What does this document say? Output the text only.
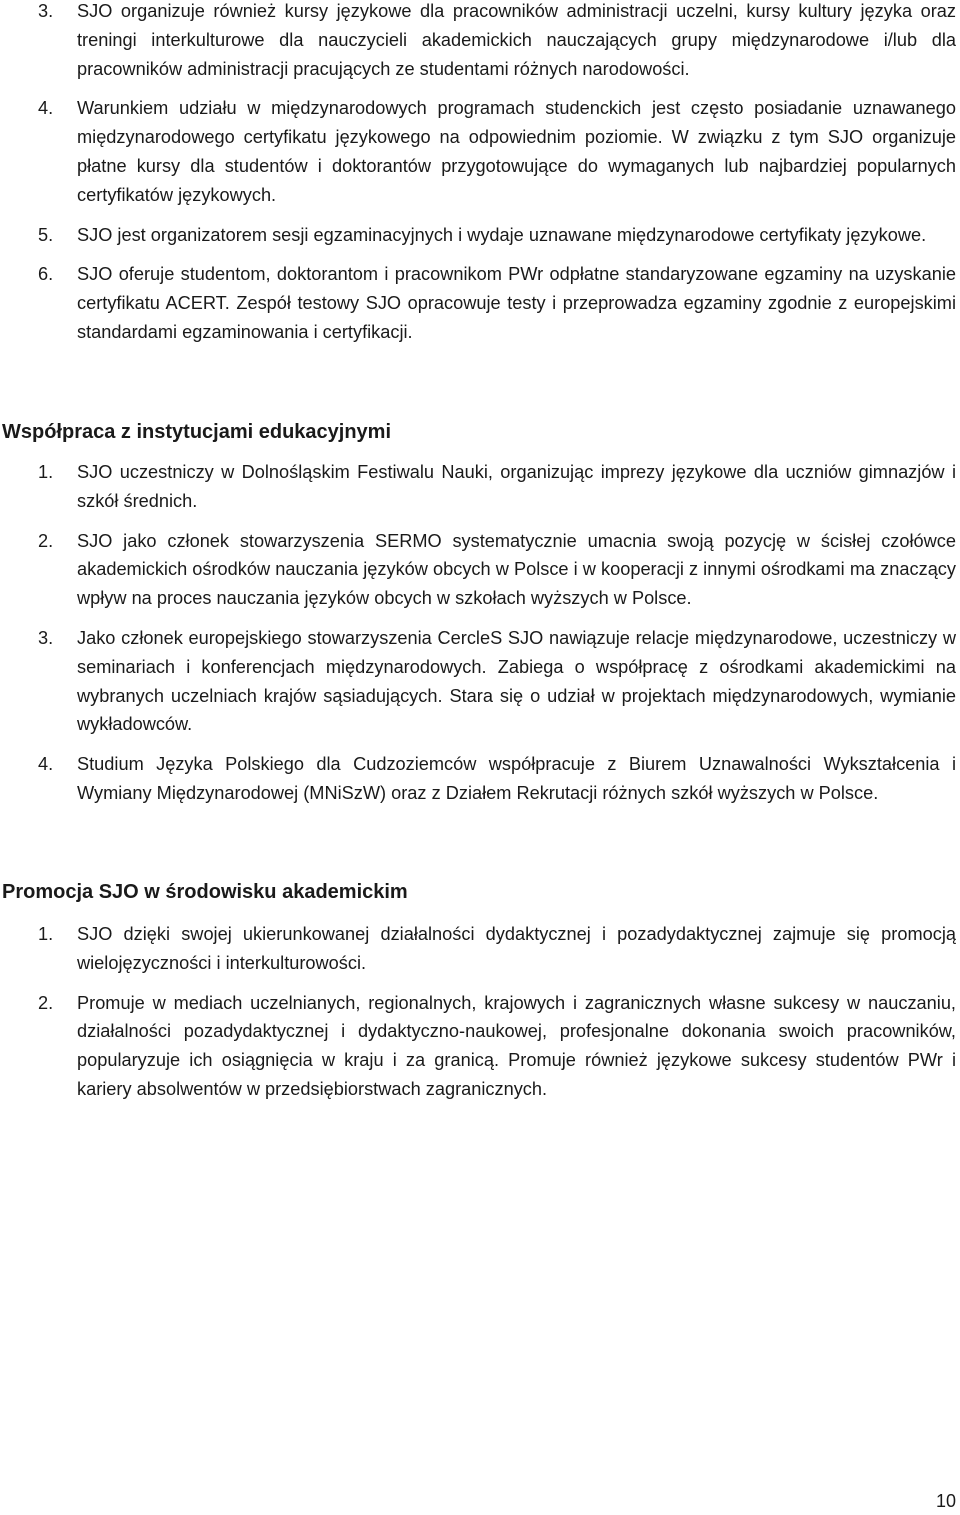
3.	SJO organizuje również kursy językowe dla pracowników administracji uczelni, kursy kultury języka oraz treningi interkulturowe dla nauczycieli akademickich nauczających grupy międzynarodowe i/lub dla pracowników administracji pracujących ze studentami różnych narodowości.
4.	Warunkiem udziału w międzynarodowych programach studenckich jest często posiadanie uznawanego międzynarodowego certyfikatu językowego na odpowiednim poziomie. W związku z tym SJO organizuje płatne kursy dla studentów i doktorantów przygotowujące do wymaganych lub najbardziej popularnych certyfikatów językowych.
5.	SJO jest organizatorem sesji egzaminacyjnych i wydaje uznawane międzynarodowe certyfikaty językowe.
6.	SJO oferuje studentom, doktorantom i pracownikom PWr odpłatne standaryzowane egzaminy na uzyskanie certyfikatu ACERT. Zespół testowy SJO opracowuje testy i przeprowadza egzaminy zgodnie z europejskimi standardami egzaminowania i certyfikacji.
Współpraca z instytucjami edukacyjnymi
1.	SJO uczestniczy w Dolnośląskim Festiwalu Nauki, organizując imprezy językowe dla uczniów gimnazjów i szkół średnich.
2.	SJO jako członek stowarzyszenia SERMO systematycznie umacnia swoją pozycję w ścisłej czołówce akademickich ośrodków nauczania języków obcych w Polsce i w kooperacji z innymi ośrodkami ma znaczący wpływ na proces nauczania języków obcych w szkołach wyższych w Polsce.
3.	Jako członek europejskiego stowarzyszenia CercleS SJO nawiązuje relacje międzynarodowe, uczestniczy w seminariach i konferencjach międzynarodowych. Zabiega o współpracę z ośrodkami akademickimi na wybranych uczelniach krajów sąsiadujących. Stara się o udział w projektach międzynarodowych, wymianie wykładowców.
4.	Studium Języka Polskiego dla Cudzoziemców współpracuje z Biurem Uznawalności Wykształcenia i Wymiany Międzynarodowej (MNiSzW) oraz z Działem Rekrutacji różnych szkół wyższych w Polsce.
Promocja SJO w środowisku akademickim
1.	SJO dzięki swojej ukierunkowanej działalności dydaktycznej i pozadydaktycznej zajmuje się promocją wielojęzyczności i interkulturowości.
2.	Promuje w mediach uczelnianych, regionalnych, krajowych i zagranicznych własne sukcesy w nauczaniu, działalności pozadydaktycznej i dydaktyczno-naukowej, profesjonalne dokonania swoich pracowników, popularyzuje ich osiągnięcia w kraju i za granicą. Promuje również językowe sukcesy studentów PWr i kariery absolwentów w przedsiębiorstwach zagranicznych.
10
